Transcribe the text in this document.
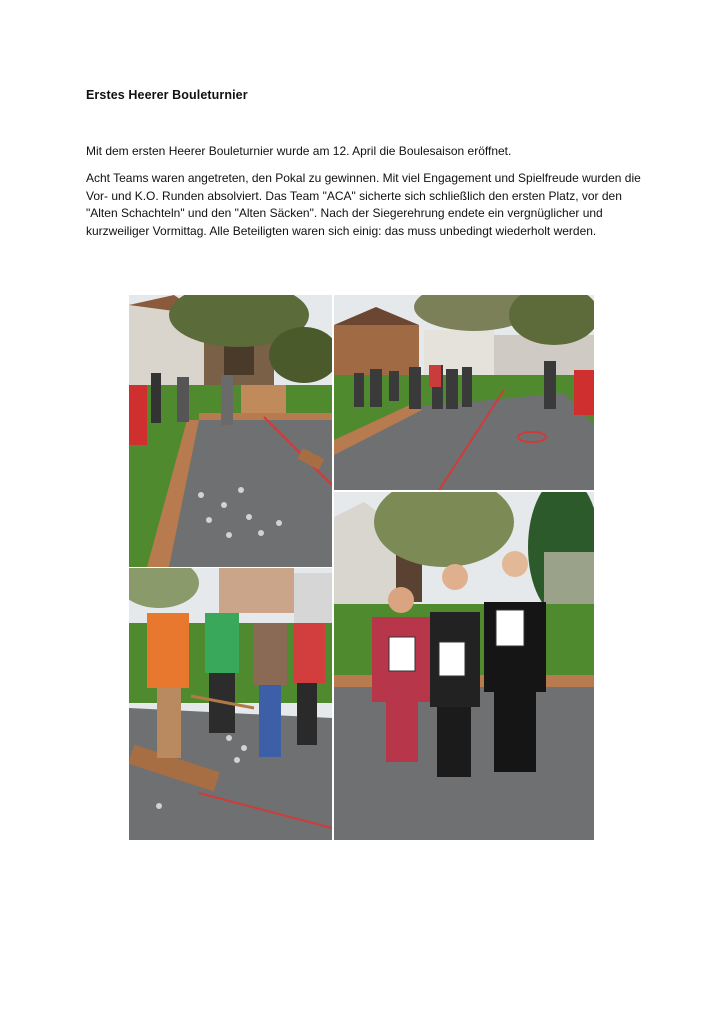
Erstes Heerer Bouleturnier
Mit dem ersten Heerer Bouleturnier wurde am 12. April die Boulesaison eröffnet.
Acht Teams waren angetreten, den Pokal zu gewinnen. Mit viel Engagement und Spielfreude wurden die Vor- und K.O. Runden absolviert. Das Team "ACA" sicherte sich schließlich den ersten Platz, vor den "Alten Schachteln" und den "Alten Säcken". Nach der Siegerehrung endete ein vergnüglicher und kurzweiliger Vormittag. Alle Beteiligten waren sich einig: das muss unbedingt wiederholt werden.
